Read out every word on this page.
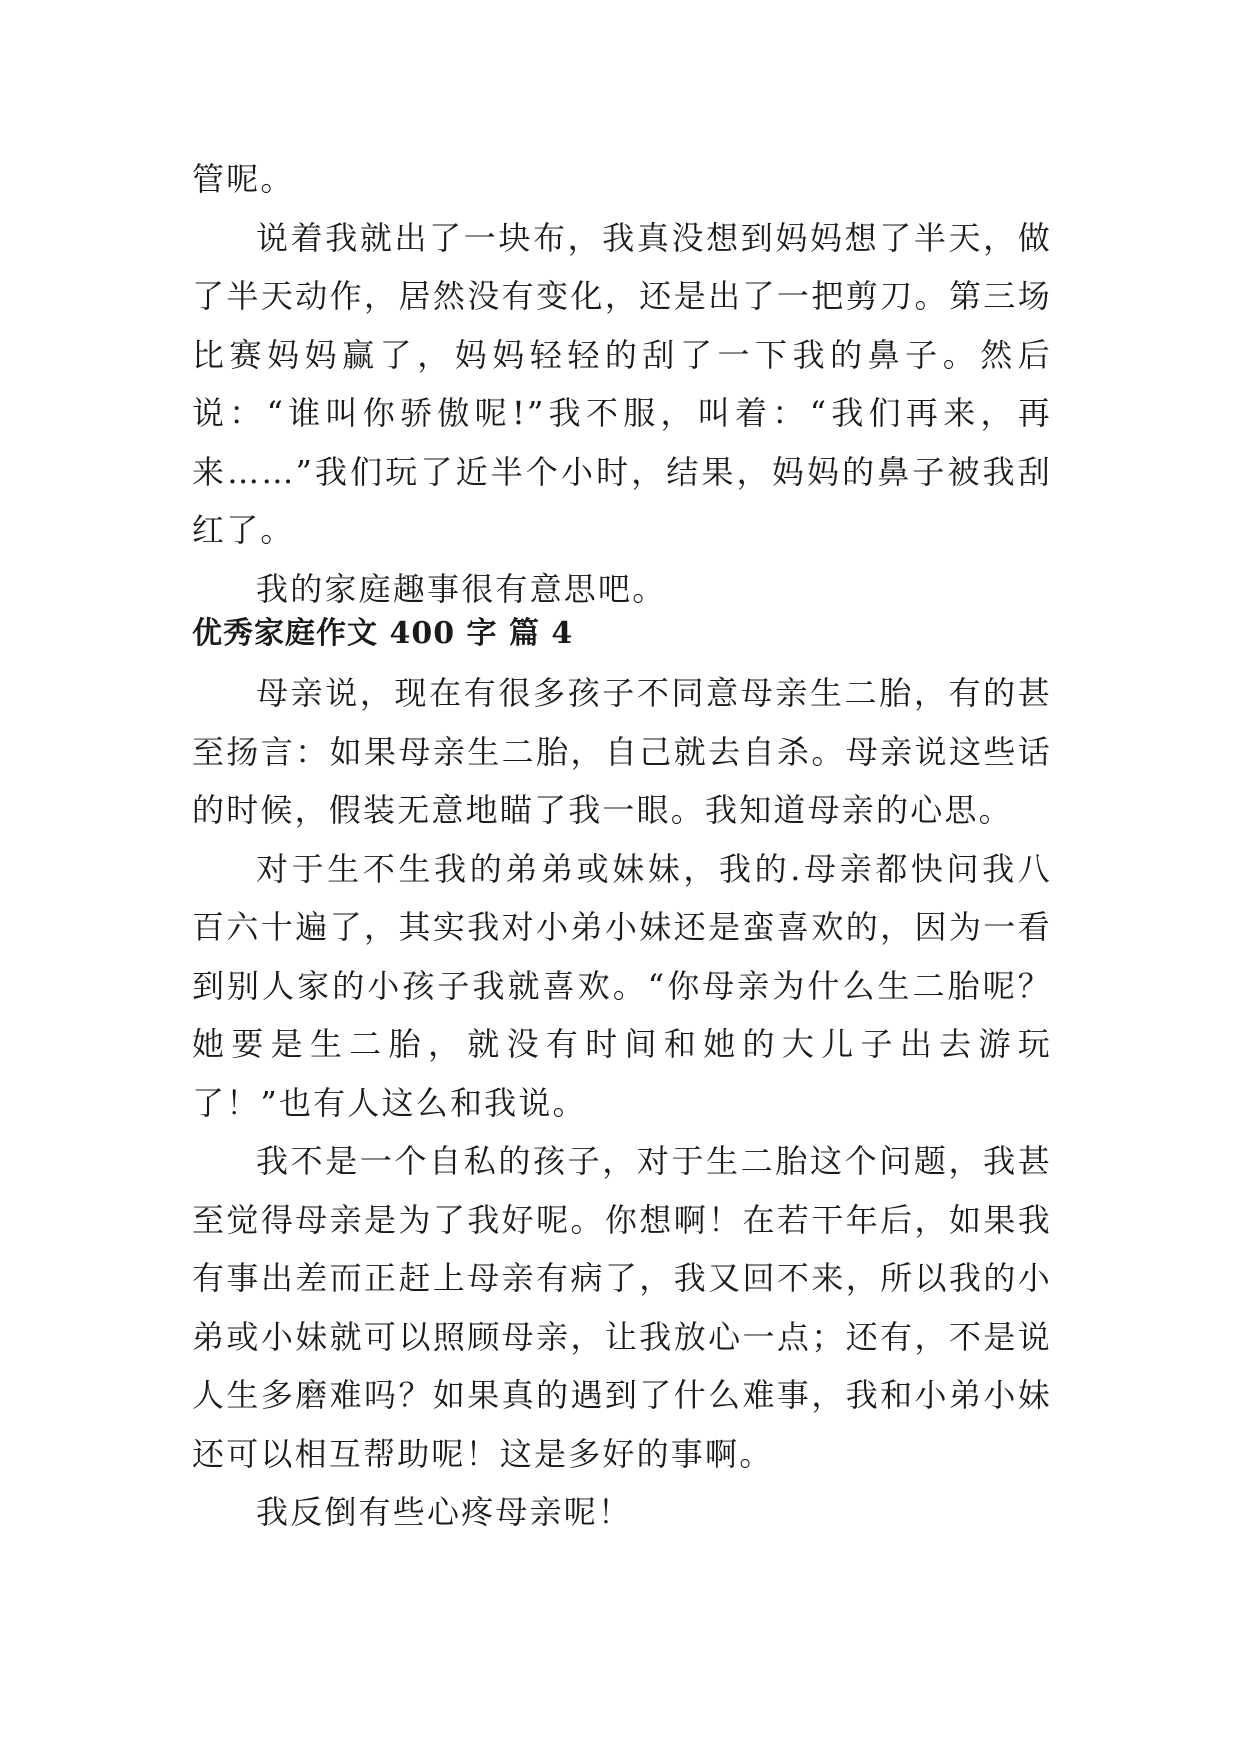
管呢。

说着我就出了一块布，我真没想到妈妈想了半天，做了半天动作，居然没有变化，还是出了一把剪刀。第三场比赛妈妈赢了，妈妈轻轻的刮了一下我的鼻子。然后说：“谁叫你骄傲呢!”我不服，叫着：“我们再来，再来……”我们玩了近半个小时，结果，妈妈的鼻子被我刮红了。

我的家庭趣事很有意思吧。

优秀家庭作文 400 字 篇 4

母亲说，现在有很多孩子不同意母亲生二胎，有的甚至扬言：如果母亲生二胎，自己就去自杀。母亲说这些话的时候，假装无意地瞄了我一眼。我知道母亲的心思。

对于生不生我的弟弟或妹妹，我的.母亲都快问我八百六十遍了，其实我对小弟小妹还是蛮喜欢的，因为一看到别人家的小孩子我就喜欢。“你母亲为什么生二胎呢？她要是生二胎，就没有时间和她的大儿子出去游玩了！”也有人这么和我说。

我不是一个自私的孩子，对于生二胎这个问题，我甚至觉得母亲是为了我好呢。你想啊！在若干年后，如果我有事出差而正赶上母亲有病了，我又回不来，所以我的小弟或小妹就可以照顾母亲，让我放心一点；还有，不是说人生多磨难吗？如果真的遇到了什么难事，我和小弟小妹还可以相互帮助呢！这是多好的事啊。

我反倒有些心疼母亲呢！
